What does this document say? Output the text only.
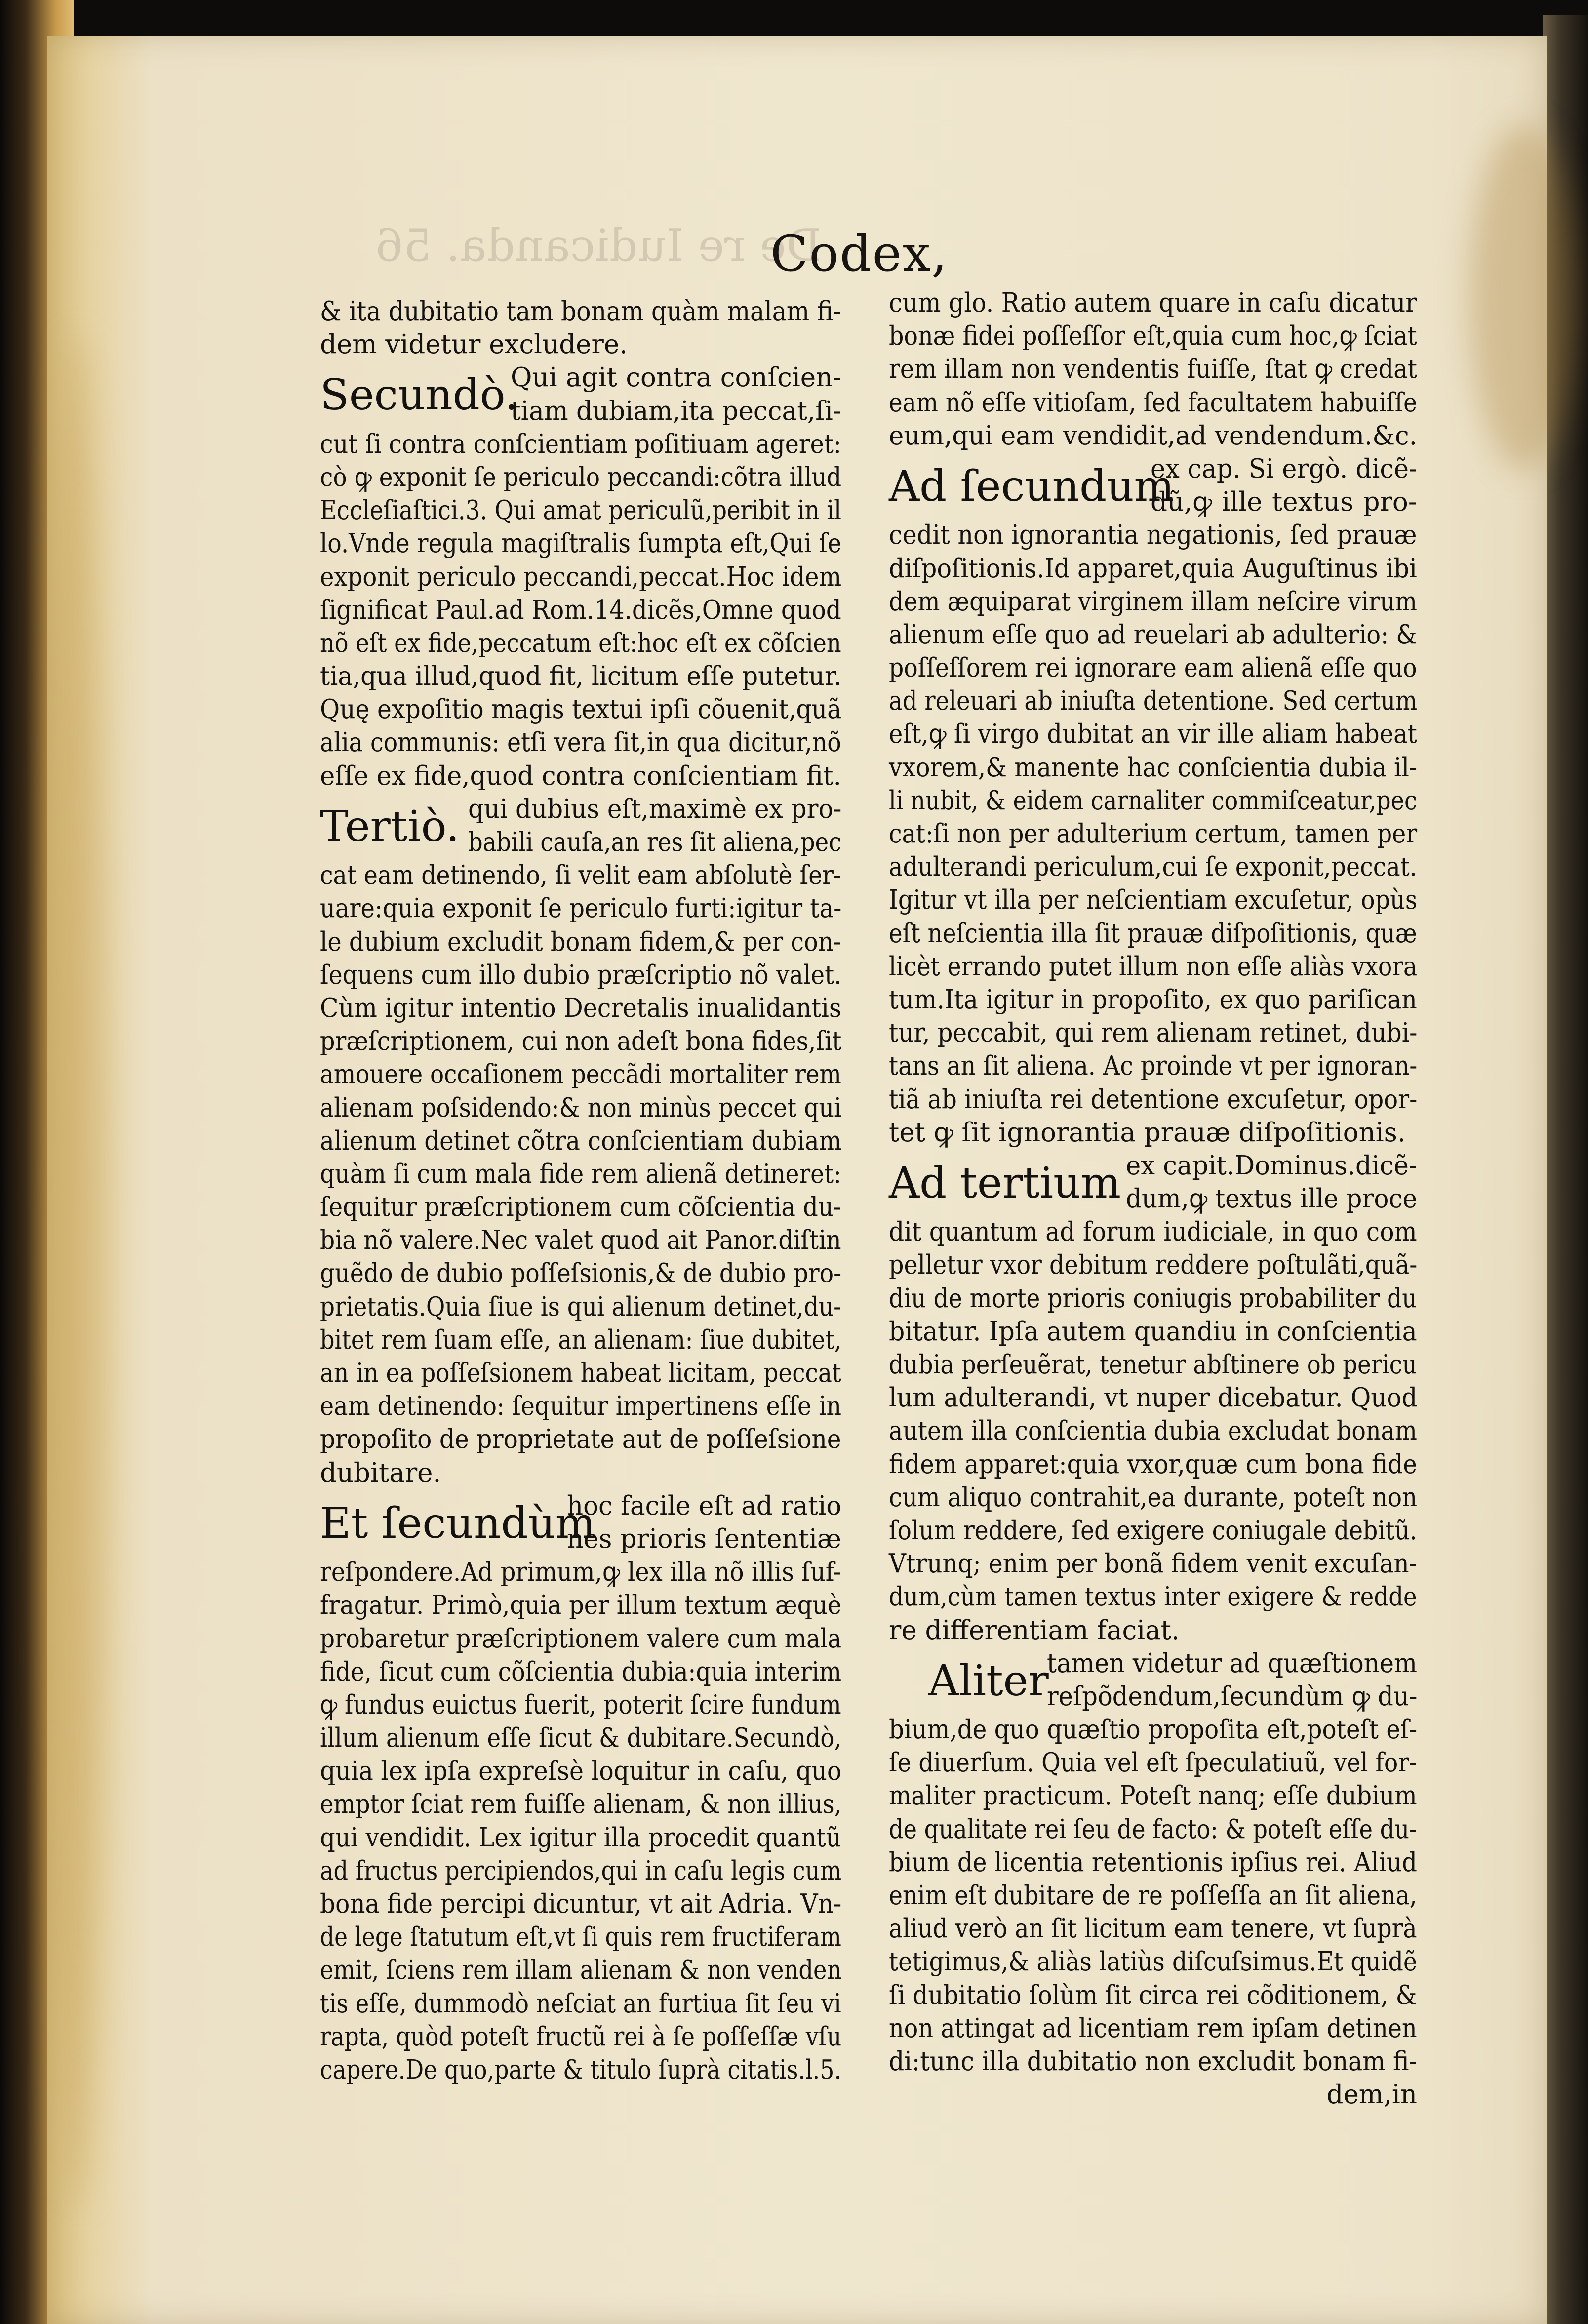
De re Iudicanda. 56
Codex,
& ita dubitatio tam bonam quàm malam fi-
dem videtur excludere.
Secundò.
Qui agit contra conſcien-
tiam dubiam,ita peccat,ſi-
cut ſi contra conſcientiam poſitiuam ageret:
cò ꝙ exponit ſe periculo peccandi:cõtra illud
Eccleſiaſtici.3. Qui amat periculũ,peribit in il
lo.Vnde regula magiſtralis ſumpta eſt,Qui ſe
exponit periculo peccandi,peccat.Hoc idem
ſignificat Paul.ad Rom.14.dicẽs,Omne quod
nõ eſt ex fide,peccatum eſt:hoc eſt ex cõſcien
tia,qua illud,quod fit, licitum eſſe putetur.
Quę expoſitio magis textui ipſi cõuenit,quã
alia communis: etſi vera ſit,in qua dicitur,nõ
eſſe ex fide,quod contra conſcientiam fit.
Tertiò. qui dubius eſt,maximè ex pro-
babili cauſa,an res ſit aliena,pec
cat eam detinendo, ſi velit eam abſolutè ſer-
uare:quia exponit ſe periculo furti:igitur ta-
le dubium excludit bonam fidem,& per con-
ſequens cum illo dubio præſcriptio nõ valet.
Cùm igitur intentio Decretalis inualidantis
præſcriptionem, cui non adeſt bona fides,ſit
amouere occaſionem peccãdi mortaliter rem
alienam poſsidendo:& non minùs peccet qui
alienum detinet cõtra conſcientiam dubiam
quàm ſi cum mala fide rem alienã detineret:
ſequitur præſcriptionem cum cõſcientia du-
bia nõ valere.Nec valet quod ait Panor.diſtin
guẽdo de dubio poſſeſsionis,& de dubio pro-
prietatis.Quia ſiue is qui alienum detinet,du-
bitet rem ſuam eſſe, an alienam: ſiue dubitet,
an in ea poſſeſsionem habeat licitam, peccat
eam detinendo: ſequitur impertinens eſſe in
propoſito de proprietate aut de poſſeſsione
dubitare.
Et ſecundùm
hoc facile eſt ad ratio
nes prioris ſententiæ
reſpondere.Ad primum,ꝙ lex illa nõ illis ſuf-
fragatur. Primò,quia per illum textum æquè
probaretur præſcriptionem valere cum mala
fide, ſicut cum cõſcientia dubia:quia interim
ꝙ fundus euictus fuerit, poterit ſcire fundum
illum alienum eſſe ſicut & dubitare.Secundò,
quia lex ipſa expreſsè loquitur in caſu, quo
emptor ſciat rem fuiſſe alienam, & non illius,
qui vendidit. Lex igitur illa procedit quantũ
ad fructus percipiendos,qui in caſu legis cum
bona fide percipi dicuntur, vt ait Adria. Vn-
de lege ſtatutum eſt,vt ſi quis rem fructiferam
emit, ſciens rem illam alienam & non venden
tis eſſe, dummodò neſciat an furtiua ſit ſeu vi
rapta, quòd poteſt fructũ rei à ſe poſſeſſæ vſu
capere.De quo,parte & titulo ſuprà citatis.l.5.
cum glo. Ratio autem quare in caſu dicatur
bonæ fidei poſſeſſor eſt,quia cum hoc,ꝙ ſciat
rem illam non vendentis fuiſſe, ſtat ꝙ credat
eam nõ eſſe vitioſam, ſed facultatem habuiſſe
eum,qui eam vendidit,ad vendendum.&c.
Ad ſecundum
ex cap. Si ergò. dicẽ-
dũ,ꝙ ille textus pro-
cedit non ignorantia negationis, ſed prauæ
diſpoſitionis.Id apparet,quia Auguſtinus ibi
dem æquiparat virginem illam neſcire virum
alienum eſſe quo ad reuelari ab adulterio: &
poſſeſſorem rei ignorare eam alienã eſſe quo
ad releuari ab iniuſta detentione. Sed certum
eſt,ꝙ ſi virgo dubitat an vir ille aliam habeat
vxorem,& manente hac conſcientia dubia il-
li nubit, & eidem carnaliter commiſceatur,pec
cat:ſi non per adulterium certum, tamen per
adulterandi periculum,cui ſe exponit,peccat.
Igitur vt illa per neſcientiam excuſetur, opùs
eſt neſcientia illa ſit prauæ diſpoſitionis, quæ
licèt errando putet illum non eſſe aliàs vxora
tum.Ita igitur in propoſito, ex quo pariſican
tur, peccabit, qui rem alienam retinet, dubi-
tans an ſit aliena. Ac proinde vt per ignoran-
tiã ab iniuſta rei detentione excuſetur, opor-
tet ꝙ ſit ignorantia prauæ diſpoſitionis.
Ad tertium ex capit.Dominus.dicẽ-
dum,ꝙ textus ille proce
dit quantum ad forum iudiciale, in quo com
pelletur vxor debitum reddere poſtulãti,quã-
diu de morte prioris coniugis probabiliter du
bitatur. Ipſa autem quandiu in conſcientia
dubia perſeuẽrat, tenetur abſtinere ob pericu
lum adulterandi, vt nuper dicebatur. Quod
autem illa conſcientia dubia excludat bonam
fidem apparet:quia vxor,quæ cum bona fide
cum aliquo contrahit,ea durante, poteſt non
ſolum reddere, ſed exigere coniugale debitũ.
Vtrunq; enim per bonã fidem venit excuſan-
dum,cùm tamen textus inter exigere & redde
re differentiam faciat.
Aliter
tamen videtur ad quæſtionem
reſpõdendum,ſecundùm ꝙ du-
bium,de quo quæſtio propoſita eſt,poteſt eſ-
ſe diuerſum. Quia vel eſt ſpeculatiuũ, vel for-
maliter practicum. Poteſt nanq; eſſe dubium
de qualitate rei ſeu de facto: & poteſt eſſe du-
bium de licentia retentionis ipſius rei. Aliud
enim eſt dubitare de re poſſeſſa an ſit aliena,
aliud verò an ſit licitum eam tenere, vt ſuprà
tetigimus,& aliàs latiùs diſcuſsimus.Et quidẽ
ſi dubitatio ſolùm ſit circa rei cõditionem, &
non attingat ad licentiam rem ipſam detinen
di:tunc illa dubitatio non excludit bonam fi-
dem,in
